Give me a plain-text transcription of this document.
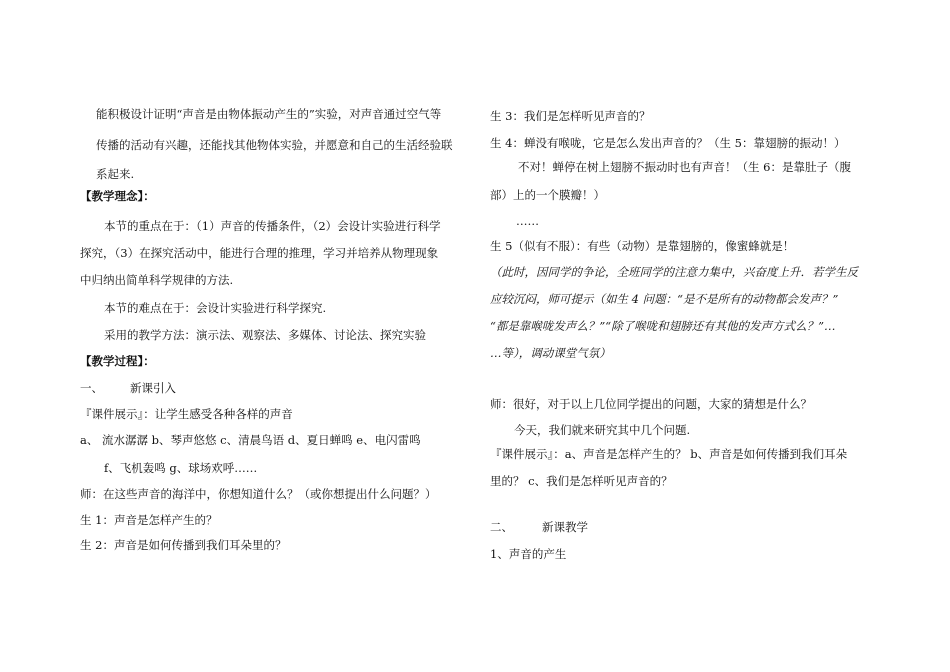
能积极设计证明“声音是由物体振动产生的”实验，对声音通过空气等
传播的活动有兴趣，还能找其他物体实验，并愿意和自己的生活经验联
系起来.
【教学理念】：
本节的重点在于：（1）声音的传播条件，（2）会设计实验进行科学
探究，（3）在探究活动中，能进行合理的推理，学习并培养从物理现象
中归纳出简单科学规律的方法.
本节的难点在于：会设计实验进行科学探究.
采用的教学方法：演示法、观察法、多媒体、讨论法、探究实验
【教学过程】：
一、 新课引入
『课件展示』：让学生感受各种各样的声音
a、 流水潺潺 b、琴声悠悠 c、清晨鸟语 d、夏日蝉鸣 e、电闪雷鸣
f、飞机轰鸣 g、球场欢呼……
师：在这些声音的海洋中，你想知道什么？（或你想提出什么问题？）
生 1：声音是怎样产生的？
生 2：声音是如何传播到我们耳朵里的？
生 3：我们是怎样听见声音的？
生 4：蝉没有喉咙，它是怎么发出声音的？（生 5：靠翅膀的振动！）
不对！蝉停在树上翅膀不振动时也有声音！（生 6：是靠肚子（腹
部）上的一个膜瓣！）
……
生 5（似有不服）：有些（动物）是靠翅膀的，像蜜蜂就是！
（此时，因同学的争论，全班同学的注意力集中，兴奋度上升．若学生反
应较沉闷，师可提示（如生 4 问题：“是不是所有的动物都会发声？”
“都是靠喉咙发声么？”“除了喉咙和翅膀还有其他的发声方式么？”…
…等），调动课堂气氛）
师：很好，对于以上几位同学提出的问题，大家的猜想是什么？
今天，我们就来研究其中几个问题.
『课件展示』：a、声音是怎样产生的？ b、声音是如何传播到我们耳朵
里的？ c、我们是怎样听见声音的？
二、	新课教学
1、声音的产生
